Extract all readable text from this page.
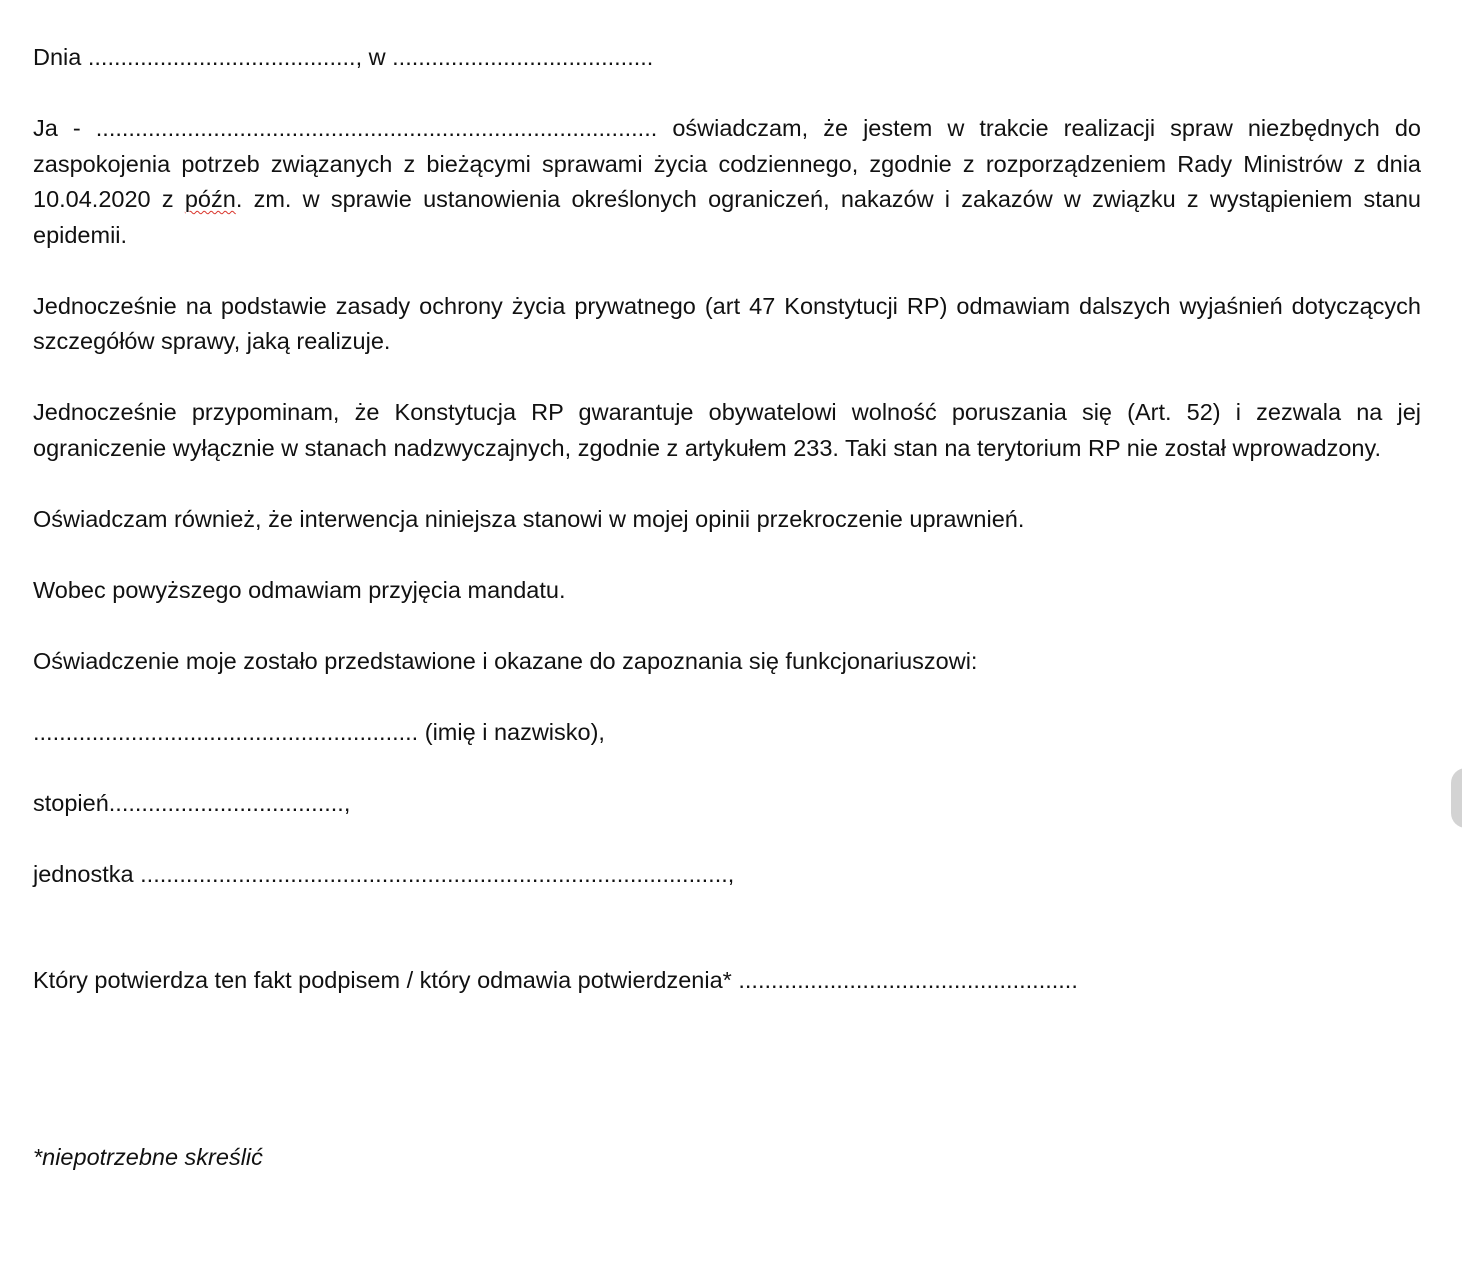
Dnia ........................................., w ........................................

Ja - ...................................................................................... oświadczam, że jestem w trakcie realizacji spraw niezbędnych do zaspokojenia potrzeb związanych z bieżącymi sprawami życia codziennego, zgodnie z rozporządzeniem Rady Ministrów z dnia 10.04.2020 z późn. zm. w sprawie ustanowienia określonych ograniczeń, nakazów i zakazów w związku z wystąpieniem stanu epidemii.

Jednocześnie na podstawie zasady ochrony życia prywatnego (art 47 Konstytucji RP) odmawiam dalszych wyjaśnień dotyczących szczegółów sprawy, jaką realizuje.

Jednocześnie przypominam, że Konstytucja RP gwarantuje obywatelowi wolność poruszania się (Art. 52) i zezwala na jej ograniczenie wyłącznie w stanach nadzwyczajnych, zgodnie z artykułem 233. Taki stan na terytorium RP nie został wprowadzony.

Oświadczam również, że interwencja niniejsza stanowi w mojej opinii przekroczenie uprawnień.

Wobec powyższego odmawiam przyjęcia mandatu.

Oświadczenie moje zostało przedstawione i okazane do zapoznania się funkcjonariuszowi:

........................................................... (imię i nazwisko),

stopień....................................,

jednostka ..........................................................................................,

Który potwierdza ten fakt podpisem / który odmawia potwierdzenia* ....................................................

*niepotrzebne skreślić
